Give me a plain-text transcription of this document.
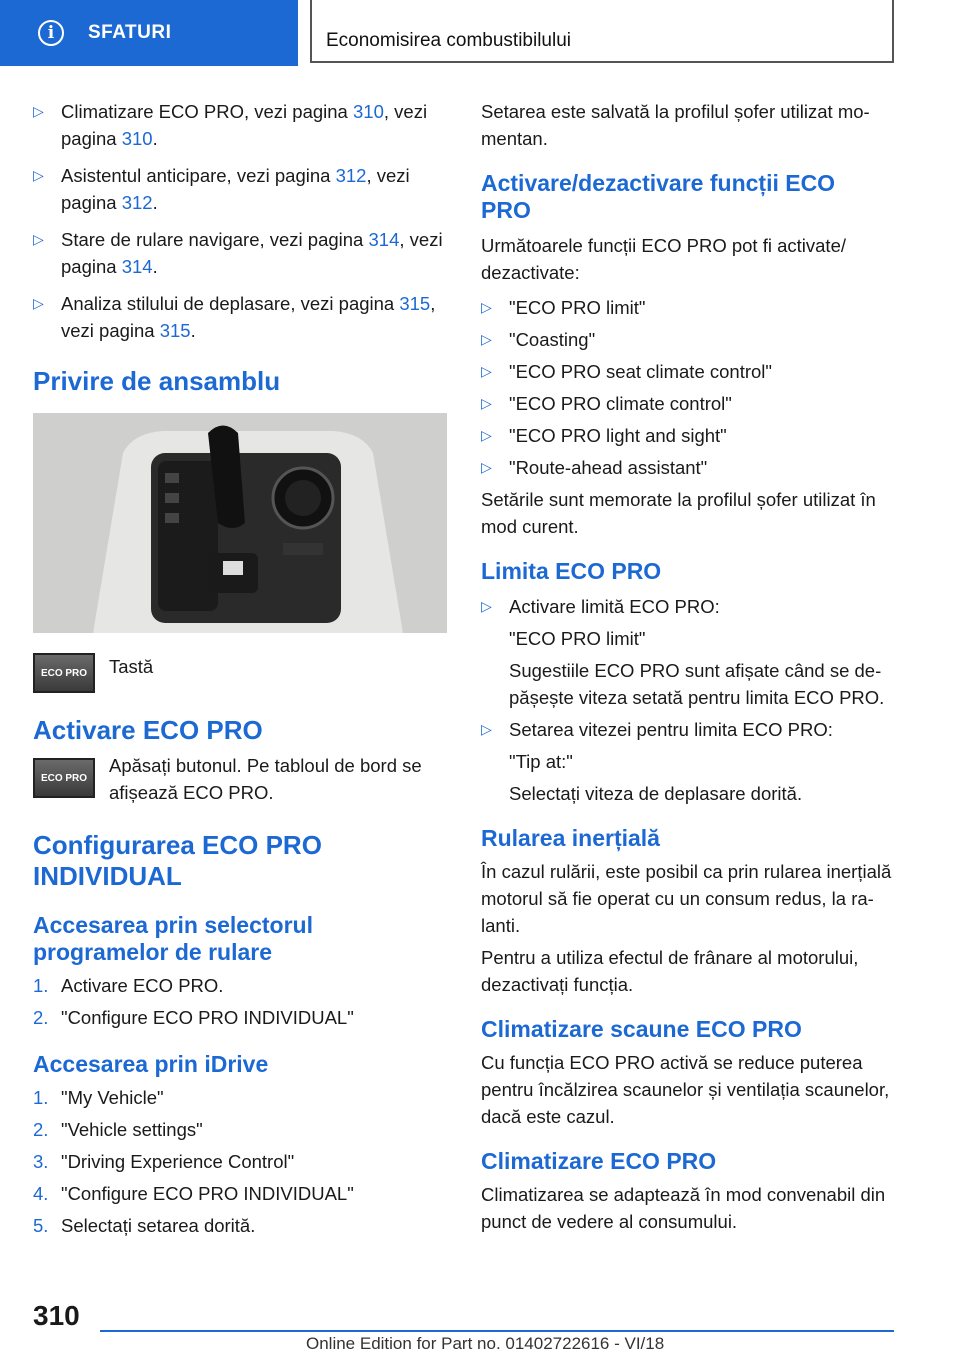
i	SFATURI	Economisirea combustibilului
▷ Climatizare ECO PRO, vezi pagina 310, vezi pagina 310.
▷ Asistentul anticipare, vezi pagina 312, vezi pagina 312.
▷ Stare de rulare navigare, vezi pagina 314, vezi pagina 314.
▷ Analiza stilului de deplasare, vezi pagina 315, vezi pagina 315.
Privire de ansamblu
ECO PRO	Tastă

Activare ECO PRO
ECO PRO

Apăsați butonul. Pe tabloul de bord se afișează ECO PRO.

Configurarea ECO PRO INDIVIDUAL
Accesarea prin selectorul programelor de rulare
1. Activare ECO PRO.
2. "Configure ECO PRO INDIVIDUAL"
Accesarea prin iDrive
1. "My Vehicle"
2. "Vehicle settings"
3. "Driving Experience Control"
4. "Configure ECO PRO INDIVIDUAL"
5. Selectați setarea dorită.

Setarea este salvată la profilul șofer utilizat momentan.

Activare/dezactivare funcții ECO PRO

Următoarele funcții ECO PRO pot fi activate/ dezactivate:

▷ "ECO PRO limit"
▷ "Coasting"
▷ "ECO PRO seat climate control"
▷ "ECO PRO climate control"
▷ "ECO PRO light and sight"
▷ "Route-ahead assistant"

Setările sunt memorate la profilul șofer utilizat în mod curent.

Limita ECO PRO
▷ Activare limită ECO PRO:
"ECO PRO limit"
Sugestiile ECO PRO sunt afișate când se depășește viteza setată pentru limita ECO PRO.
▷ Setarea vitezei pentru limita ECO PRO:
"Tip at:"
Selectați viteza de deplasare dorită.
Rularea inerțială

În cazul rulării, este posibil ca prin rularea inerțială motorul să fie operat cu un consum redus, la ralanti.

Pentru a utiliza efectul de frânare al motorului, dezactivați funcția.

Climatizare scaune ECO PRO

Cu funcția ECO PRO activă se reduce puterea pentru încălzirea scaunelor și ventilația scaunelor, dacă este cazul.

Climatizare ECO PRO

Climatizarea se adaptează în mod convenabil din punct de vedere al consumului.

310
Online Edition for Part no. 01402722616 - VI/18
